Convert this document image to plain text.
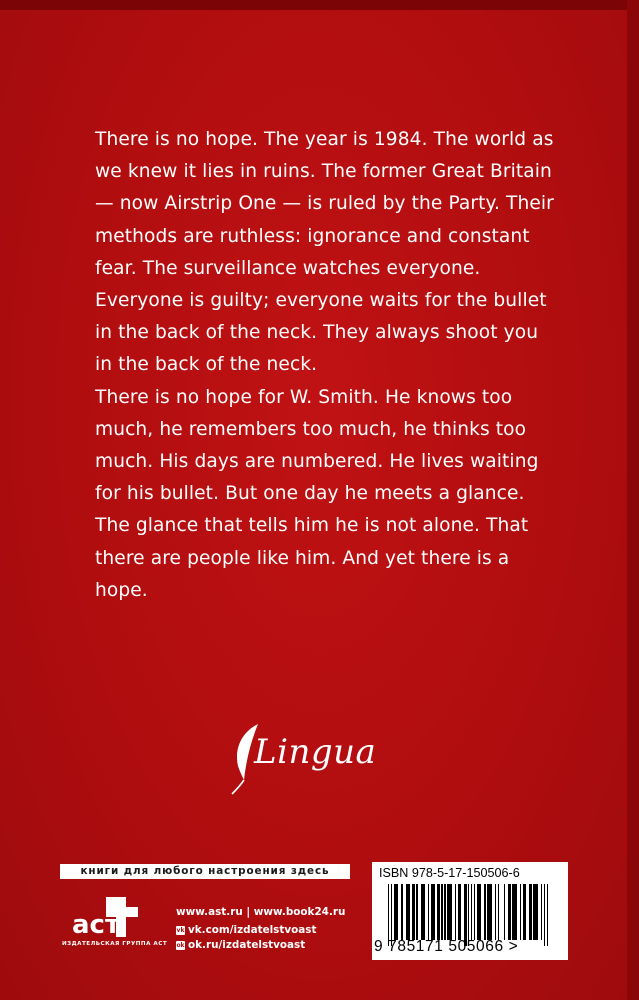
There is no hope. The year is 1984. The world as we knew it lies in ruins. The former Great Britain — now Airstrip One — is ruled by the Party. Their methods are ruthless: ignorance and constant fear. The surveillance watches everyone. Everyone is guilty; everyone waits for the bullet in the back of the neck. They always shoot you in the back of the neck.

There is no hope for W. Smith. He knows too much, he remembers too much, he thinks too much. His days are numbered. He lives waiting for his bullet. But one day he meets a glance. The glance that tells him he is not alone. That there are people like him. And yet there is a hope.

Lingua
книги для любого настроения здесь
аст
ИЗДАТЕЛЬСКАЯ ГРУППА АСТ
www.ast.ru | www.book24.ru
vk vk.com/izdatelstvoast
ok ok.ru/izdatelstvoast
ISBN 978-5-17-150506-6
9 785171 505066 >
